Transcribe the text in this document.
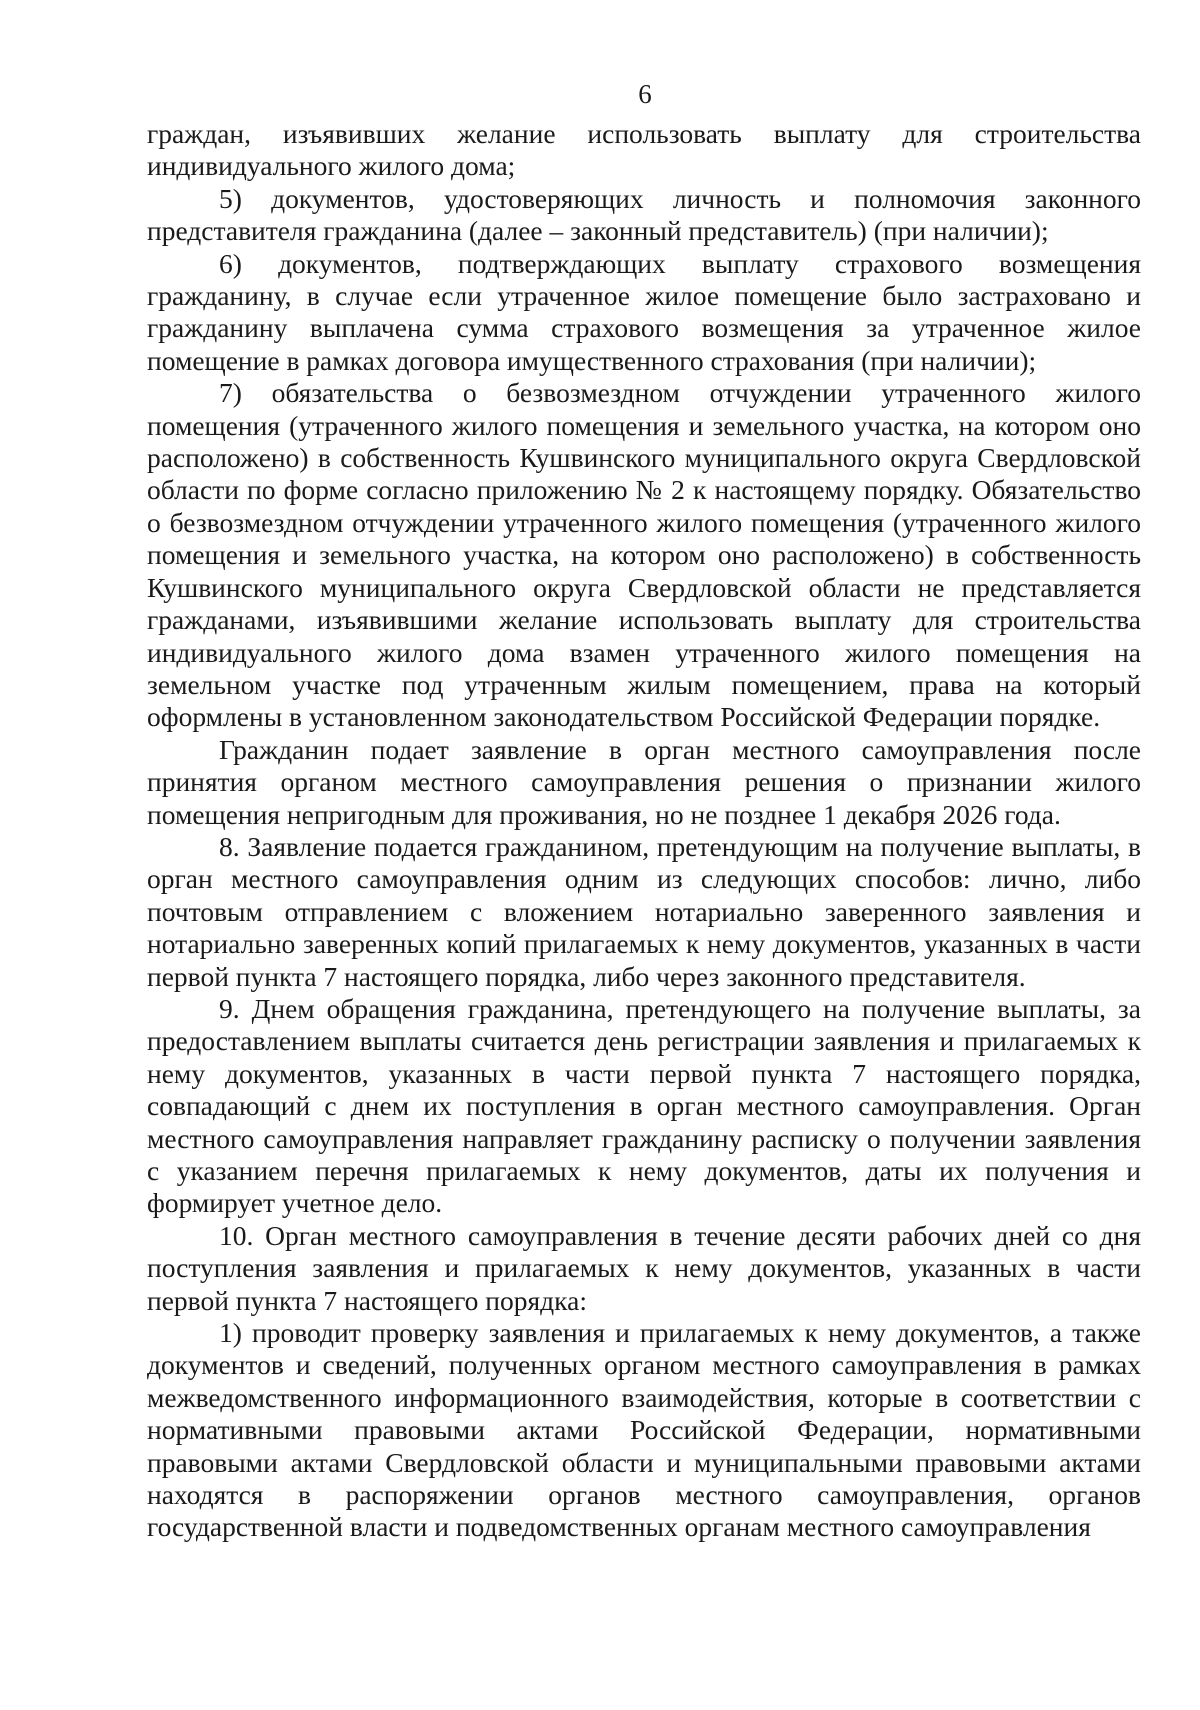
6

граждан, изъявивших желание использовать выплату для строительства индивидуального жилого дома;

5) документов, удостоверяющих личность и полномочия законного представителя гражданина (далее – законный представитель) (при наличии);

6) документов, подтверждающих выплату страхового возмещения гражданину, в случае если утраченное жилое помещение было застраховано и гражданину выплачена сумма страхового возмещения за утраченное жилое помещение в рамках договора имущественного страхования (при наличии);

7) обязательства о безвозмездном отчуждении утраченного жилого помещения (утраченного жилого помещения и земельного участка, на котором оно расположено) в собственность Кушвинского муниципального округа Свердловской области по форме согласно приложению № 2 к настоящему порядку. Обязательство о безвозмездном отчуждении утраченного жилого помещения (утраченного жилого помещения и земельного участка, на котором оно расположено) в собственность Кушвинского муниципального округа Свердловской области не представляется гражданами, изъявившими желание использовать выплату для строительства индивидуального жилого дома взамен утраченного жилого помещения на земельном участке под утраченным жилым помещением, права на который оформлены в установленном законодательством Российской Федерации порядке.

Гражданин подает заявление в орган местного самоуправления после принятия органом местного самоуправления решения о признании жилого помещения непригодным для проживания, но не позднее 1 декабря 2026 года.

8. Заявление подается гражданином, претендующим на получение выплаты, в орган местного самоуправления одним из следующих способов: лично, либо почтовым отправлением с вложением нотариально заверенного заявления и нотариально заверенных копий прилагаемых к нему документов, указанных в части первой пункта 7 настоящего порядка, либо через законного представителя.

9. Днем обращения гражданина, претендующего на получение выплаты, за предоставлением выплаты считается день регистрации заявления и прилагаемых к нему документов, указанных в части первой пункта 7 настоящего порядка, совпадающий с днем их поступления в орган местного самоуправления. Орган местного самоуправления направляет гражданину расписку о получении заявления с указанием перечня прилагаемых к нему документов, даты их получения и формирует учетное дело.

10. Орган местного самоуправления в течение десяти рабочих дней со дня поступления заявления и прилагаемых к нему документов, указанных в части первой пункта 7 настоящего порядка:

1) проводит проверку заявления и прилагаемых к нему документов, а также документов и сведений, полученных органом местного самоуправления в рамках межведомственного информационного взаимодействия, которые в соответствии с нормативными правовыми актами Российской Федерации, нормативными правовыми актами Свердловской области и муниципальными правовыми актами находятся в распоряжении органов местного самоуправления, органов государственной власти и подведомственных органам местного самоуправления
